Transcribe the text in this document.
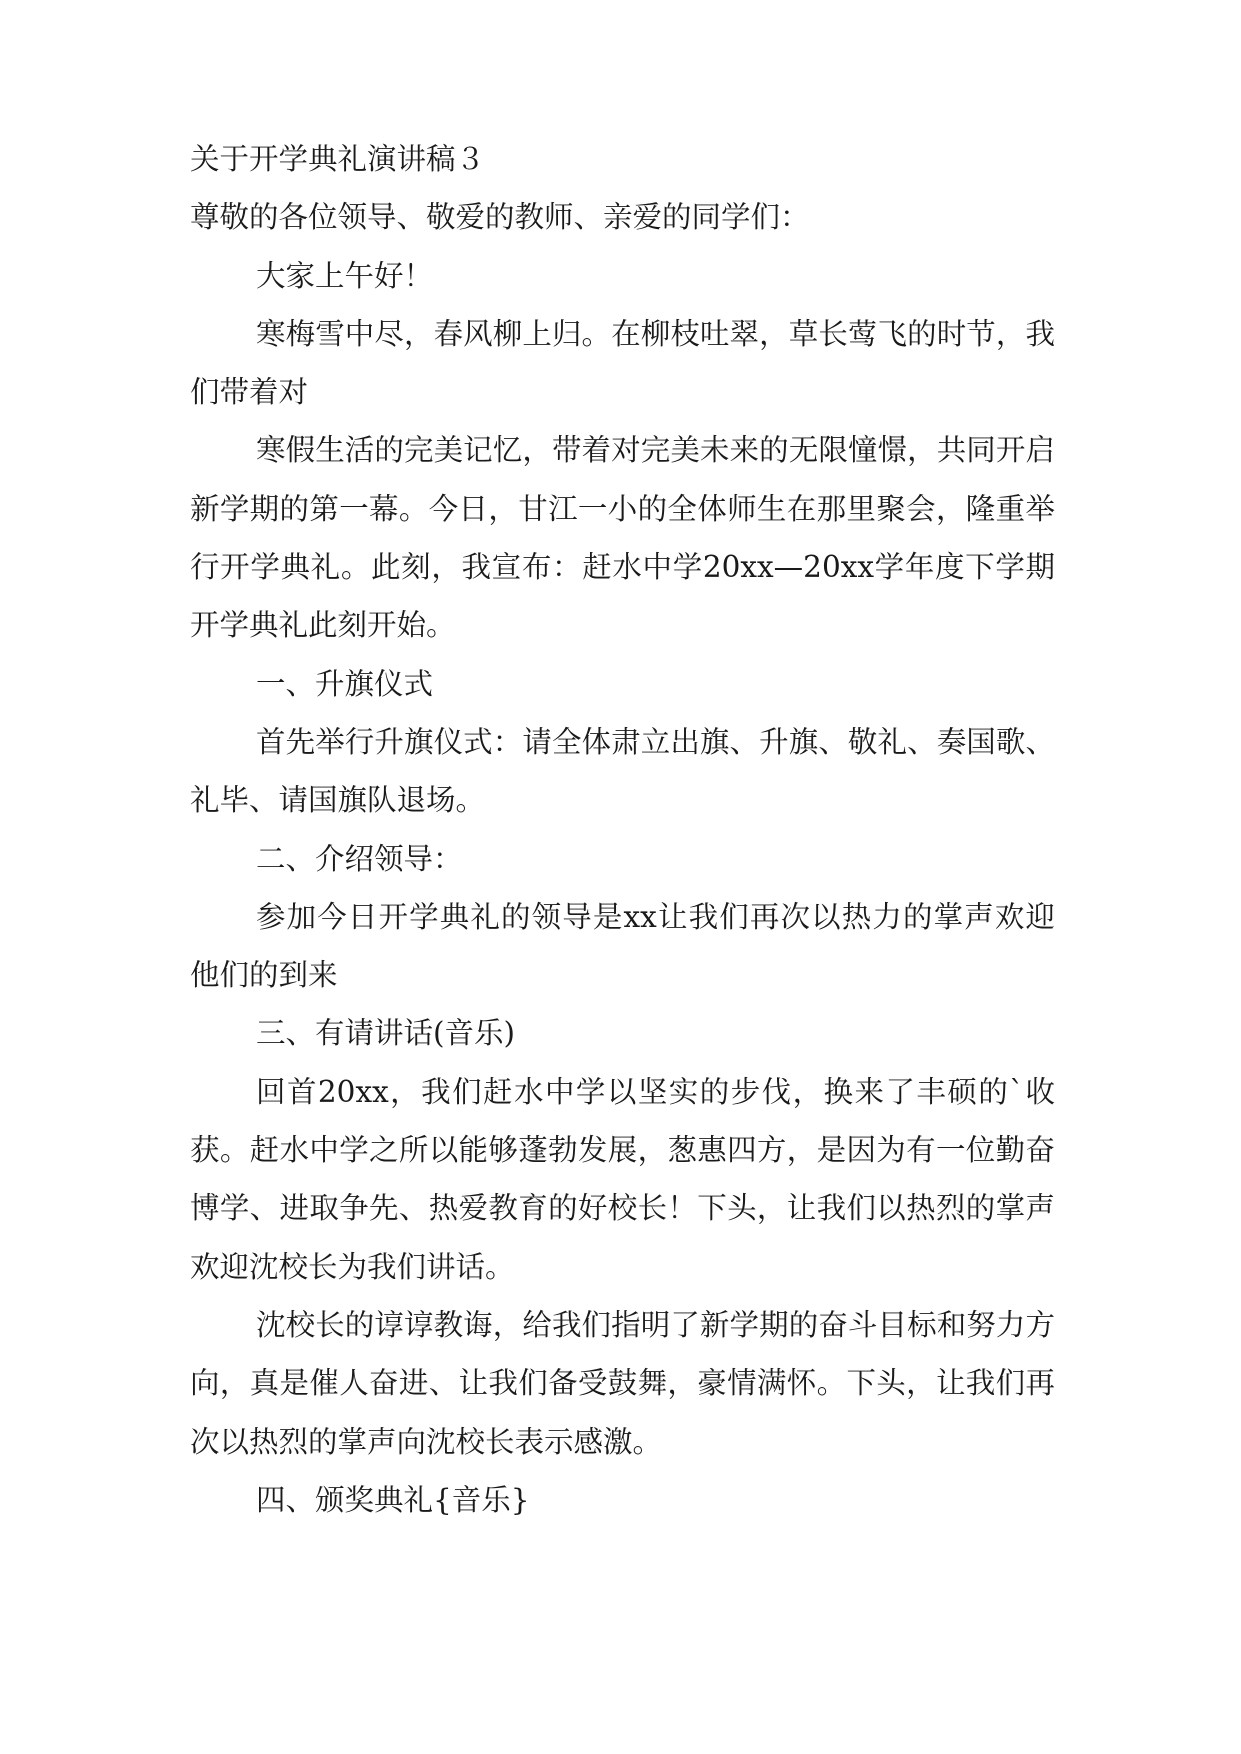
关于开学典礼演讲稿３

尊敬的各位领导、敬爱的教师、亲爱的同学们：

大家上午好！

寒梅雪中尽，春风柳上归。在柳枝吐翠，草长莺飞的时节，我们带着对

寒假生活的完美记忆，带着对完美未来的无限憧憬，共同开启新学期的第一幕。今日，甘江一小的全体师生在那里聚会，隆重举行开学典礼。此刻，我宣布：赶水中学20xx—20xx学年度下学期开学典礼此刻开始。

一、升旗仪式

首先举行升旗仪式：请全体肃立出旗、升旗、敬礼、奏国歌、礼毕、请国旗队退场。

二、介绍领导：

参加今日开学典礼的领导是xx让我们再次以热力的掌声欢迎他们的到来

三、有请讲话(音乐)

回首20xx，我们赶水中学以坚实的步伐，换来了丰硕的`收获。赶水中学之所以能够蓬勃发展，葱惠四方，是因为有一位勤奋博学、进取争先、热爱教育的好校长！下头，让我们以热烈的掌声欢迎沈校长为我们讲话。

沈校长的谆谆教诲，给我们指明了新学期的奋斗目标和努力方向，真是催人奋进、让我们备受鼓舞，豪情满怀。下头，让我们再次以热烈的掌声向沈校长表示感激。

四、颁奖典礼{音乐}
